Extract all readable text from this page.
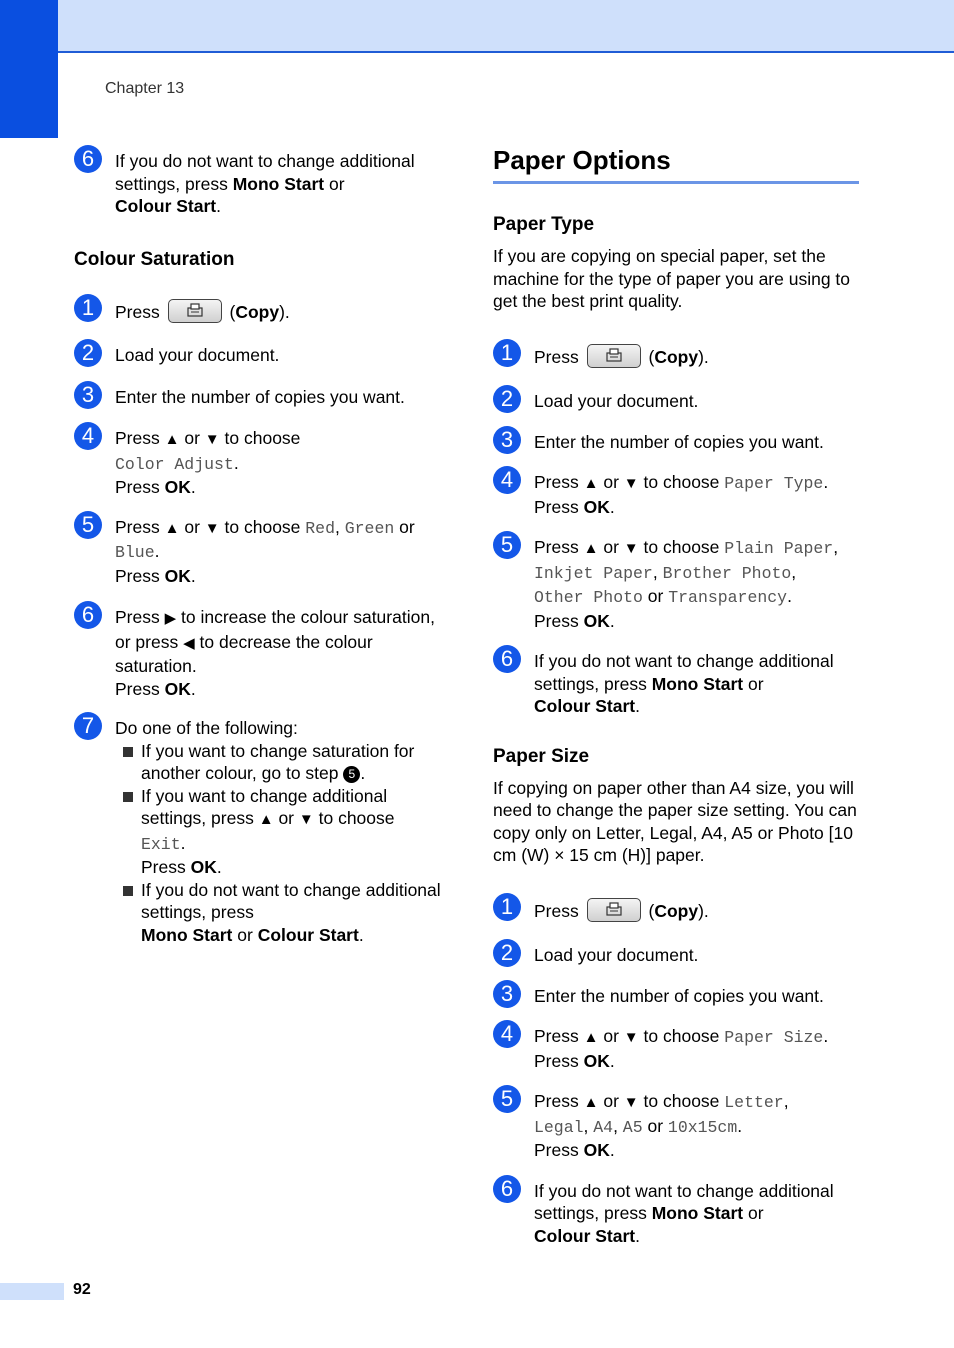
Chapter 13
6	If you do not want to change additional settings, press Mono Start or
Colour Start.
Colour Saturation
1	Press	(Copy).
2	Load your document.
3	Enter the number of copies you want.
4	Press ▲ or ▼ to choose
Color Adjust.
Press OK.
5	Press ▲ or ▼ to choose Red, Green or
Blue.
Press OK.
6	Press ▶ to increase the colour saturation, or press ◀ to decrease the colour saturation.
Press OK.
7	Do one of the following:
If you want to change saturation for another colour, go to step 5 .
If you want to change additional settings, press ▲ or ▼ to choose
Exit.
Press OK.
If you do not want to change additional settings, press
Mono Start or Colour Start.
Paper Options
Paper Type
If you are copying on special paper, set the machine for the type of paper you are using to get the best print quality.
1	Press	(Copy).
2	Load your document.
3	Enter the number of copies you want.
4	Press ▲ or ▼ to choose Paper Type.
Press OK.
5	Press ▲ or ▼ to choose Plain Paper,
Inkjet Paper, Brother Photo,
Other Photo or Transparency.
Press OK.
6	If you do not want to change additional settings, press Mono Start or
Colour Start.
Paper Size
If copying on paper other than A4 size, you will need to change the paper size setting. You can copy only on Letter, Legal, A4, A5 or Photo [10 cm (W) × 15 cm (H)] paper.
1	Press	(Copy).
2	Load your document.
3	Enter the number of copies you want.
4	Press ▲ or ▼ to choose Paper Size.
Press OK.
5	Press ▲ or ▼ to choose Letter,
Legal, A4, A5 or 10x15cm.
Press OK.
6	If you do not want to change additional settings, press Mono Start or
Colour Start.
92
